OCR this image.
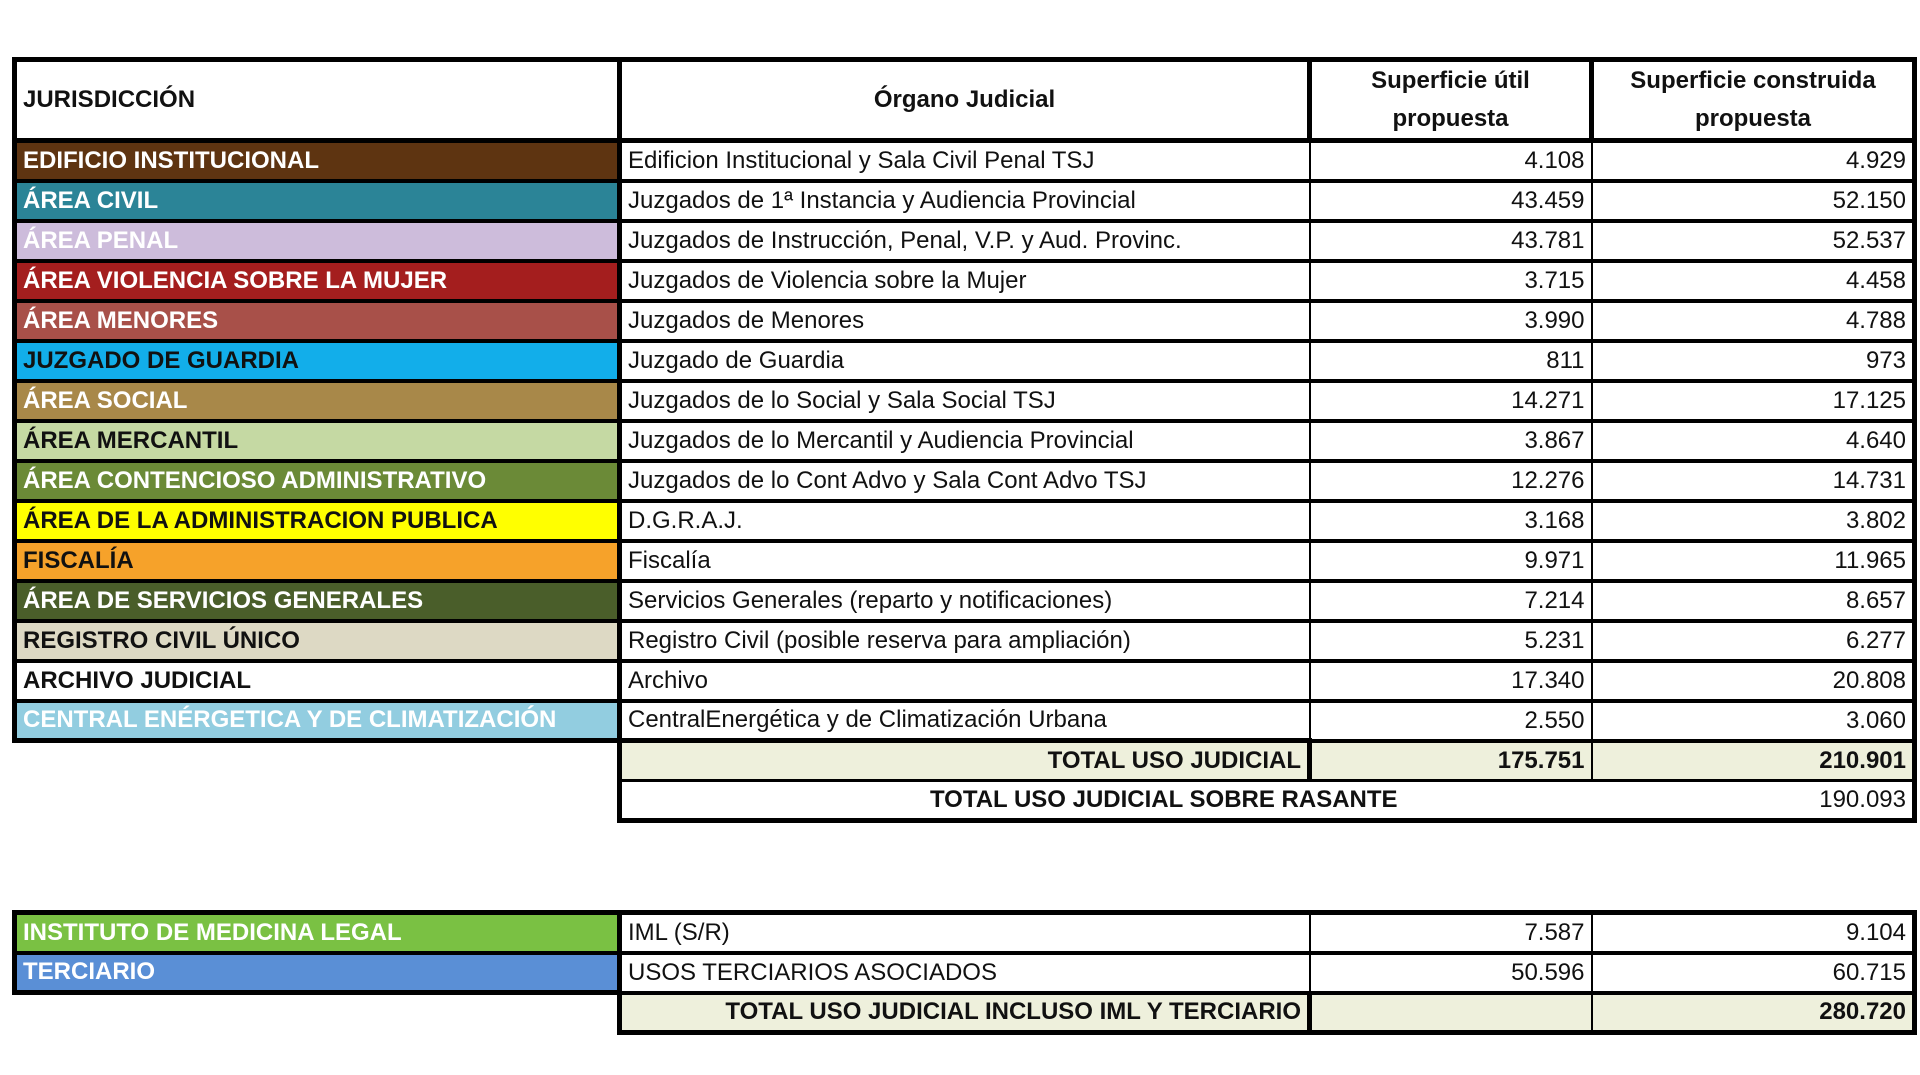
JURISDICCIÓN	Órgano Judicial	Superficie útil propuesta	Superficie construida propuesta
EDIFICIO INSTITUCIONAL	Edificion Institucional y Sala Civil Penal TSJ	4.108	4.929
ÁREA CIVIL	Juzgados de 1ª Instancia y Audiencia Provincial	43.459	52.150
ÁREA PENAL	Juzgados de Instrucción, Penal, V.P. y Aud. Provinc.	43.781	52.537
ÁREA VIOLENCIA SOBRE LA MUJER	Juzgados de Violencia sobre la Mujer	3.715	4.458
ÁREA MENORES	Juzgados de Menores	3.990	4.788
JUZGADO DE GUARDIA	Juzgado de Guardia	811	973
ÁREA SOCIAL	Juzgados de lo Social y Sala Social TSJ	14.271	17.125
ÁREA MERCANTIL	Juzgados de lo Mercantil y Audiencia Provincial	3.867	4.640
ÁREA CONTENCIOSO ADMINISTRATIVO	Juzgados de lo Cont Advo y Sala Cont Advo TSJ	12.276	14.731
ÁREA DE LA ADMINISTRACION PUBLICA	D.G.R.A.J.	3.168	3.802
FISCALÍA	Fiscalía	9.971	11.965
ÁREA DE SERVICIOS GENERALES	Servicios Generales (reparto y notificaciones)	7.214	8.657
REGISTRO CIVIL ÚNICO	Registro Civil (posible reserva para ampliación)	5.231	6.277
ARCHIVO JUDICIAL	Archivo	17.340	20.808
CENTRAL ENÉRGETICA Y DE CLIMATIZACIÓN	CentralEnergética y de Climatización Urbana	2.550	3.060
	TOTAL USO JUDICIAL	175.751	210.901
	TOTAL USO JUDICIAL SOBRE RASANTE		190.093
INSTITUTO DE MEDICINA LEGAL	IML (S/R)	7.587	9.104
TERCIARIO	USOS TERCIARIOS ASOCIADOS	50.596	60.715
	TOTAL USO JUDICIAL INCLUSO IML Y TERCIARIO		280.720
